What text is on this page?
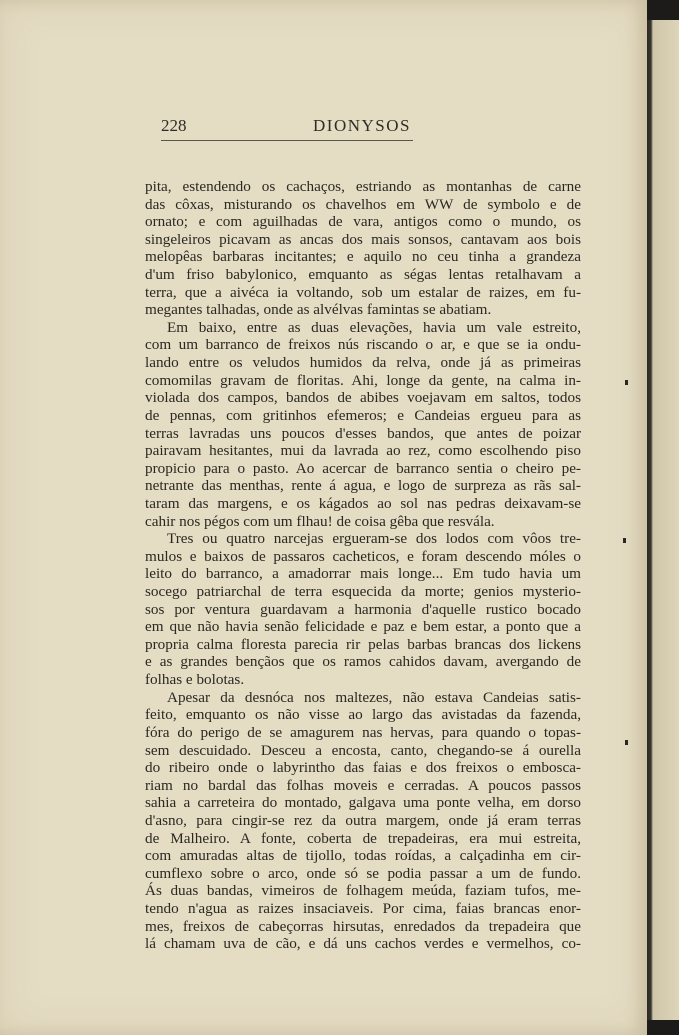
228	DIONYSOS
pita, estendendo os cachaços, estriando as montanhas de carne
das côxas, misturando os chavelhos em WW de symbolo e de
ornato; e com aguilhadas de vara, antigos como o mundo, os
singeleiros picavam as ancas dos mais sonsos, cantavam aos bois
melopêas barbaras incitantes; e aquilo no ceu tinha a grandeza
d'um friso babylonico, emquanto as ségas lentas retalhavam a
terra, que a aivéca ia voltando, sob um estalar de raizes, em fu-
megantes talhadas, onde as alvélvas famintas se abatiam.
Em baixo, entre as duas elevações, havia um vale estreito,
com um barranco de freixos nús riscando o ar, e que se ia ondu-
lando entre os veludos humidos da relva, onde já as primeiras
comomilas gravam de floritas. Ahi, longe da gente, na calma in-
violada dos campos, bandos de abibes voejavam em saltos, todos
de pennas, com gritinhos efemeros; e Candeias ergueu para as
terras lavradas uns poucos d'esses bandos, que antes de poizar
pairavam hesitantes, mui da lavrada ao rez, como escolhendo piso
propicio para o pasto. Ao acercar de barranco sentia o cheiro pe-
netrante das menthas, rente á agua, e logo de surpreza as rãs sal-
taram das margens, e os kágados ao sol nas pedras deixavam-se
cahir nos pégos com um flhau! de coisa gêba que resvála.
Tres ou quatro narcejas ergueram-se dos lodos com vôos tre-
mulos e baixos de passaros cacheticos, e foram descendo móles o
leito do barranco, a amadorrar mais longe... Em tudo havia um
socego patriarchal de terra esquecida da morte; genios mysterio-
sos por ventura guardavam a harmonia d'aquelle rustico bocado
em que não havia senão felicidade e paz e bem estar, a ponto que a
propria calma floresta parecia rir pelas barbas brancas dos lickens
e as grandes bençãos que os ramos cahidos davam, avergando de
folhas e bolotas.
Apesar da desnóca nos maltezes, não estava Candeias satis-
feito, emquanto os não visse ao largo das avistadas da fazenda,
fóra do perigo de se amagurem nas hervas, para quando o topas-
sem descuidado. Desceu a encosta, canto, chegando-se á ourella
do ribeiro onde o labyrintho das faias e dos freixos o embosca-
riam no bardal das folhas moveis e cerradas. A poucos passos
sahia a carreteira do montado, galgava uma ponte velha, em dorso
d'asno, para cingir-se rez da outra margem, onde já eram terras
de Malheiro. A fonte, coberta de trepadeiras, era mui estreita,
com amuradas altas de tijollo, todas roídas, a calçadinha em cir-
cumflexo sobre o arco, onde só se podia passar a um de fundo.
Ás duas bandas, vimeiros de folhagem meúda, faziam tufos, me-
tendo n'agua as raizes insaciaveis. Por cima, faias brancas enor-
mes, freixos de cabeçorras hirsutas, enredados da trepadeira que
lá chamam uva de cão, e dá uns cachos verdes e vermelhos, co-
